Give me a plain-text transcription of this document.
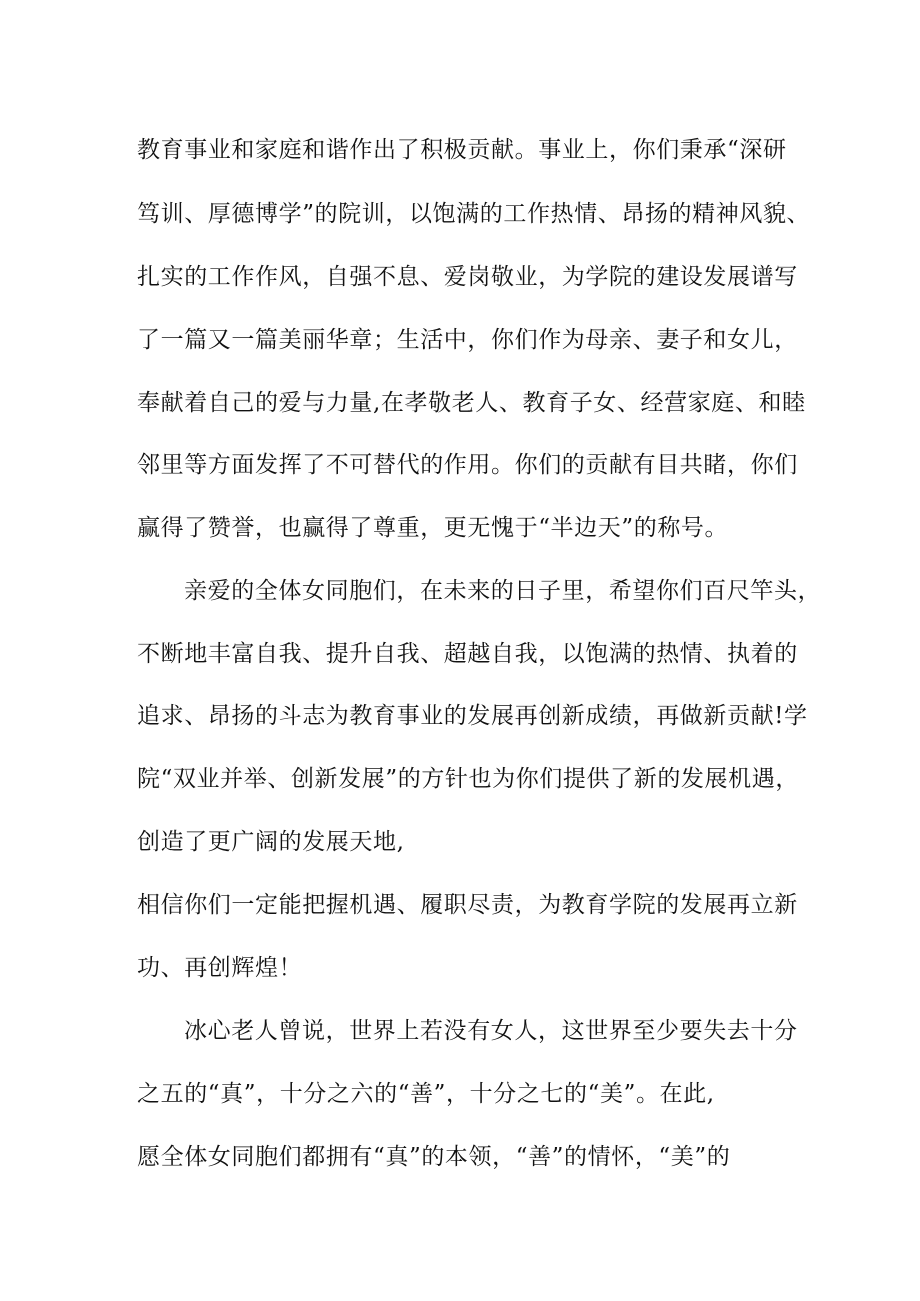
教育事业和家庭和谐作出了积极贡献。事业上，你们秉承“深研
笃训、厚德博学”的院训，以饱满的工作热情、昂扬的精神风貌、
扎实的工作作风，自强不息、爱岗敬业，为学院的建设发展谱写
了一篇又一篇美丽华章；生活中，你们作为母亲、妻子和女儿，
奉献着自己的爱与力量,在孝敬老人、教育子女、经营家庭、和睦
邻里等方面发挥了不可替代的作用。你们的贡献有目共睹，你们
赢得了赞誉，也赢得了尊重，更无愧于“半边天”的称号。
亲爱的全体女同胞们，在未来的日子里，希望你们百尺竿头，
不断地丰富自我、提升自我、超越自我，以饱满的热情、执着的
追求、昂扬的斗志为教育事业的发展再创新成绩，再做新贡献!学
院“双业并举、创新发展”的方针也为你们提供了新的发展机遇，
创造了更广阔的发展天地,
相信你们一定能把握机遇、履职尽责，为教育学院的发展再立新
功、再创辉煌！
冰心老人曾说，世界上若没有女人，这世界至少要失去十分
之五的“真”，十分之六的“善”，十分之七的“美”。在此,
愿全体女同胞们都拥有“真”的本领，“善”的情怀，“美”的
